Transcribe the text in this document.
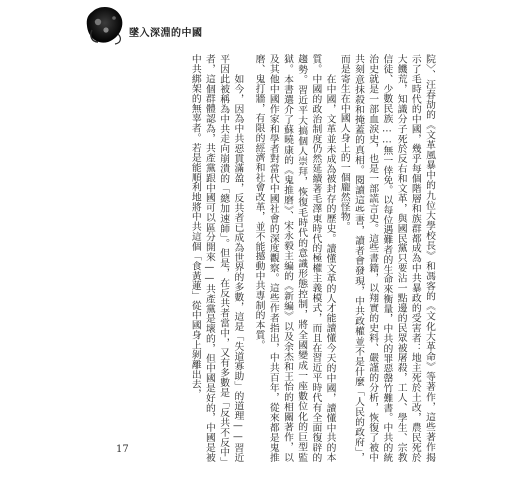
墜入深淵的中國

院〉、汪春劼的《文革風暴中的九位大學校長》和馮客的《文化大革命》等著作，這些著作揭示了毛時代的中國，幾乎每個階層和族群都成為中共暴政的受害者：地主死於土改，農民死於大饑荒，知識分子死於反右和文革，與國民黨只要沾一點邊的民眾被屠殺，工人、學生、宗教信徒、少數民族……無一倖免。以每位遇難者的生命來衡量，中共的罪惡罄竹難書。中共的統治史就是一部血淚史，也是一部謊言史。這些書籍，以翔實的史料、嚴謹的分析，恢復了被中共刻意抹殺和掩蓋的真相。閱讀這些書，讀者會發現，中共政權並不是什麼「人民的政府」，而是寄生在中國人身上的一個龐然怪物。

在中國，文革並未成為被封存的歷史。讀懂文革的人才能讀懂今天的中國，讀懂中共的本質。中國的政治制度仍然延續著毛澤東時代的極權主義模式，而且在習近平時代有全面復辟的趨勢。習近平大搞個人崇拜，恢復毛時代的意識形態控制，將全國變成一座數位化的巨型監獄。本書選介了蘇曉康的《鬼推磨》、宋永毅主編的《新編》以及余杰和王怡的相關著作，以及其他中國作家和學者對當代中國社會的深度觀察。這些作者指出，中共百年，從來都是鬼推磨、鬼打牆，有限的經濟和社會改革，並不能撼動中共專制的本質。

如今，因為中共惡貫滿盈，反共者已成為世界的多數，這是「失道寡助」的道理——習近平因此被稱為中共走向崩潰的「總加速師」。但是，在反共者當中，又有多數是「反共不反中」者，這個群體認為，共產黨跟中國可以區分開來——共產黨是壞的，但中國是好的，中國是被中共綁架的無辜者。若是能順利地將中共這個「食黃蓮」從中國身上剝離出去，

17
